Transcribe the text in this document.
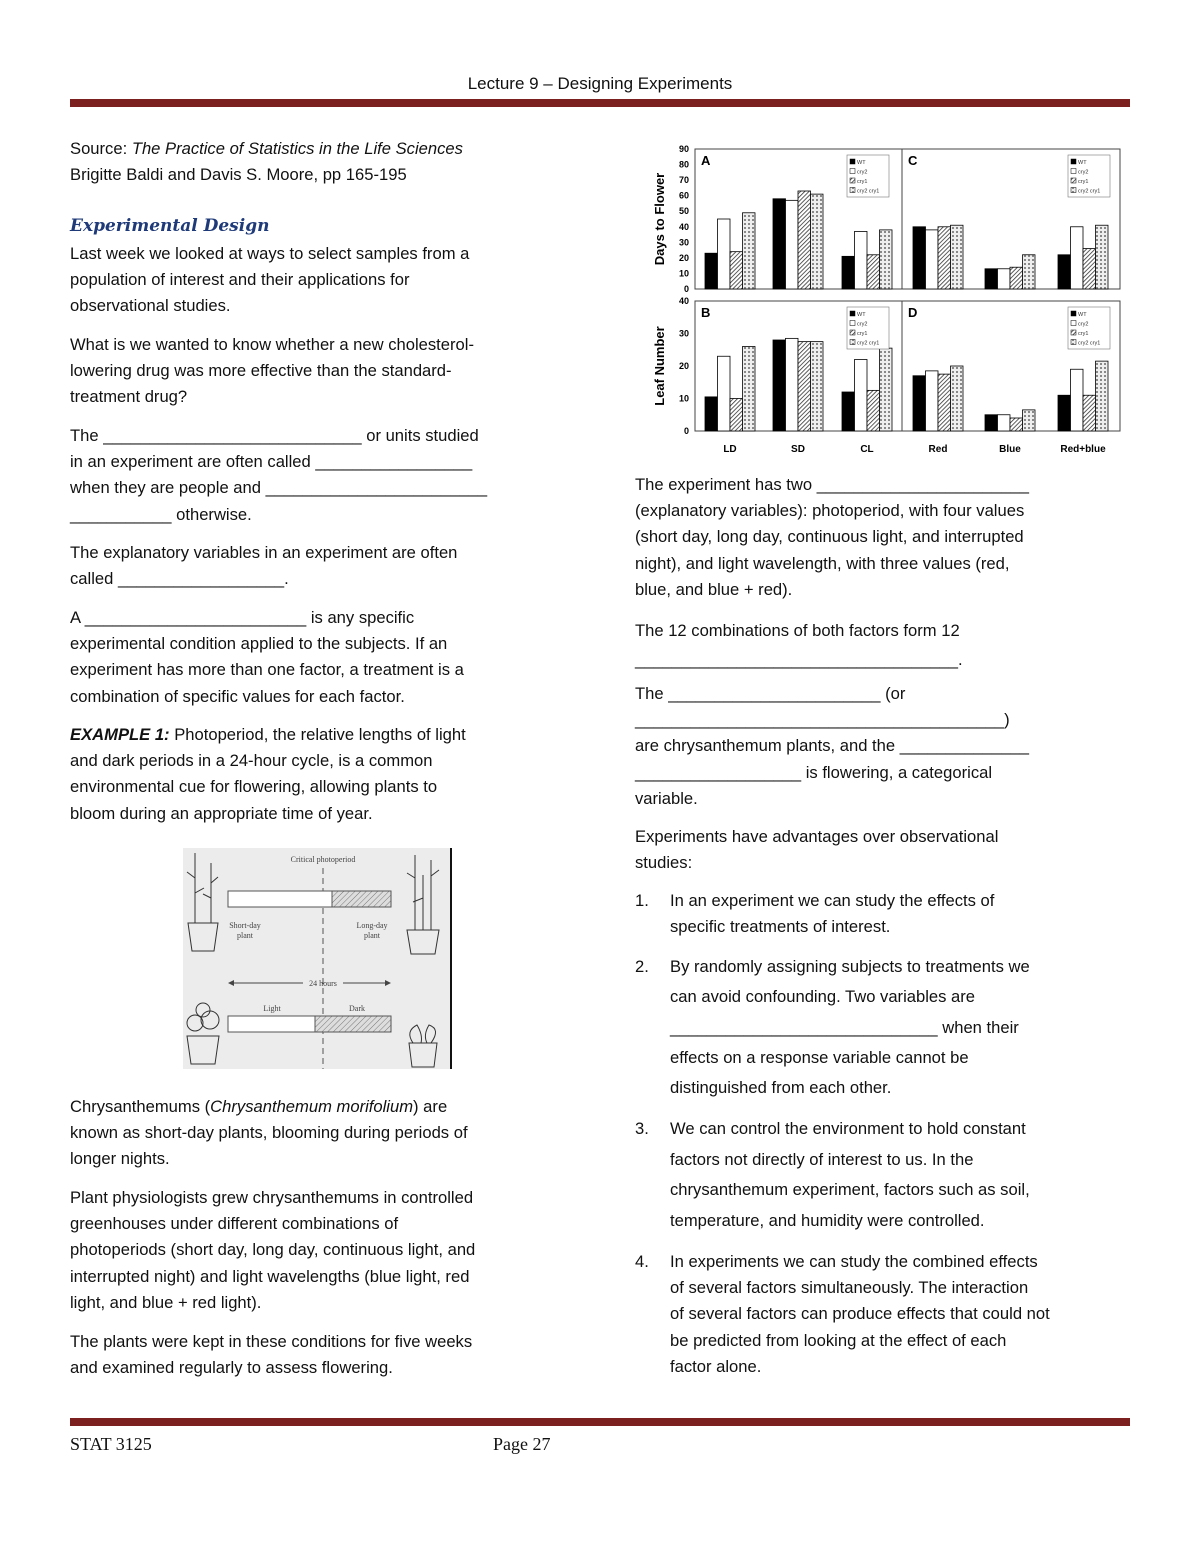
Lecture 9 – Designing Experiments
Source: The Practice of Statistics in the Life Sciences
Brigitte Baldi and Davis S. Moore, pp 165-195
Experimental Design
Last week we looked at ways to select samples from a
population of interest and their applications for
observational studies.
What is we wanted to know whether a new cholesterol-
lowering drug was more effective than the standard-
treatment drug?
The ____________________________ or units studied
in an experiment are often called _________________
when they are people and ________________________
___________ otherwise.
The explanatory variables in an experiment are often
called __________________.
A ________________________ is any specific
experimental condition applied to the subjects. If an
experiment has more than one factor, a treatment is a
combination of specific values for each factor.
EXAMPLE 1: Photoperiod, the relative lengths of light
and dark periods in a 24-hour cycle, is a common
environmental cue for flowering, allowing plants to
bloom during an appropriate time of year.
Chrysanthemums (Chrysanthemum morifolium) are
known as short-day plants, blooming during periods of
longer nights.
Plant physiologists grew chrysanthemums in controlled
greenhouses under different combinations of
photoperiods (short day, long day, continuous light, and
interrupted night) and light wavelengths (blue light, red
light, and blue + red light).
The plants were kept in these conditions for five weeks
and examined regularly to assess flowering.
Critical photoperiod
Short-day
plant
Long-day
plant
24 hours
Light	Dark
A
0
10
20
30
40
50
60
70
80
90
Days to Flower
WT
cry2
cry1
cry2 cry1
C	WT
cry2
cry1
cry2 cry1
B
0
10
20
30
40
Leaf Number
LD	SD	CL
WT
cry2
cry1
cry2 cry1
D
Red	Blue	Red+blue
WT
cry2
cry1
cry2 cry1
The experiment has two _______________________
(explanatory variables): photoperiod, with four values
(short day, long day, continuous light, and interrupted
night), and light wavelength, with three values (red,
blue, and blue + red).
The 12 combinations of both factors form 12
___________________________________.
The _______________________ (or
________________________________________)
are chrysanthemum plants, and the ______________
__________________ is flowering, a categorical
variable.
Experiments have advantages over observational
studies:
1. In an experiment we can study the effects of
specific treatments of interest.
2. By randomly assigning subjects to treatments we
can avoid confounding. Two variables are
_____________________________ when their
effects on a response variable cannot be
distinguished from each other.
3. We can control the environment to hold constant
factors not directly of interest to us. In the
chrysanthemum experiment, factors such as soil,
temperature, and humidity were controlled.
4. In experiments we can study the combined effects
of several factors simultaneously. The interaction
of several factors can produce effects that could not
be predicted from looking at the effect of each
factor alone.
STAT 3125	Page 27
